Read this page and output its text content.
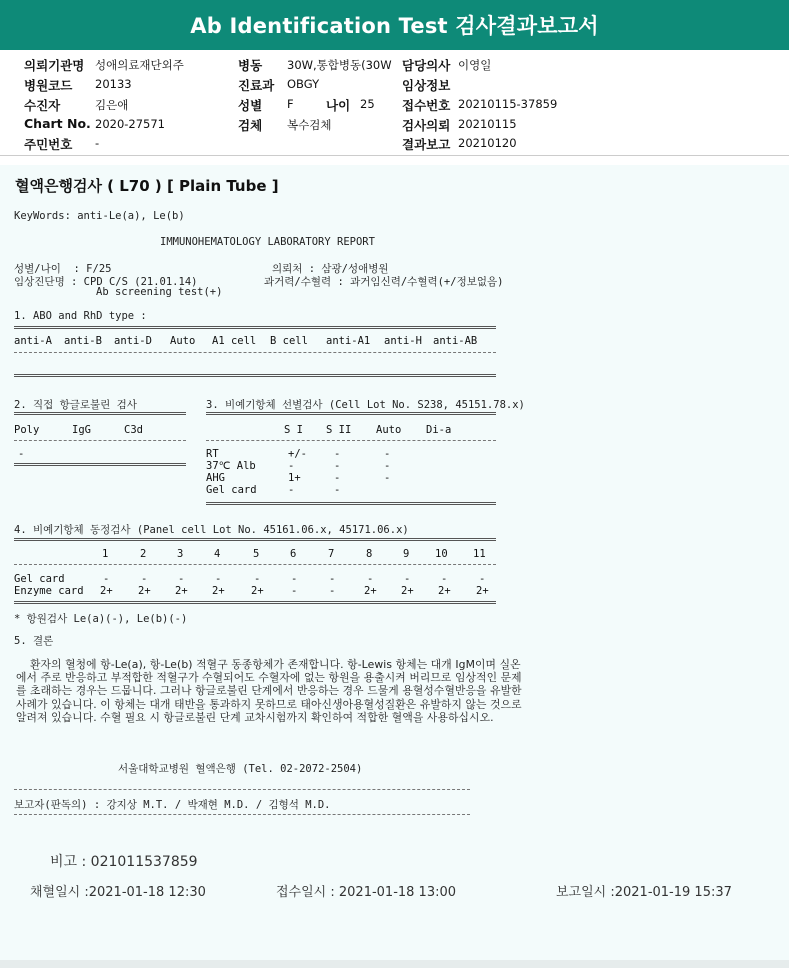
Ab Identification Test 검사결과보고서
의뢰기관명 성애의료재단외주	병동 30W,통합병동(30W 담당의사 이영일
병원코드 20133	진료과 OBGY	임상정보
수진자	김은애	성별 F	나이 25 접수번호 20210115-37859
Chart No. 2020-27571	검체 복수검체	검사의뢰 20210115
주민번호 -	결과보고 20210120
혈액은행검사 ( L70 ) [ Plain Tube ]
KeyWords: anti-Le(a), Le(b)
IMMUNOHEMATOLOGY LABORATORY REPORT
성별/나이  : F/25	의뢰처 : 삼광/성애병원
임상진단명 : CPD C/S (21.01.14)	과거력/수혈력 : 과거임신력/수혈력(+/정보없음)
Ab screening test(+)
1. ABO and RhD type :
anti-A anti-B anti-D Auto A1 cell B cell anti-A1 anti-H anti-AB
2. 직접 항글로불린 검사
Poly	IgG	C3d
-
3. 비예기항체 선별검사 (Cell Lot No. S238, 45151.78.x)
S I S II Auto Di-a
RT	+/-	-	-
37℃ Alb	-	-	-
AHG	1+	-	-
Gel card	-	-
4. 비예기항체 동정검사 (Panel cell Lot No. 45161.06.x, 45171.06.x)
1	2	3	4	5	6	7	8	9 10 11
Gel card	-	-	-	-	-	-	-	-	-	-	-
Enzyme card 2+ 2+ 2+ 2+	2+	-	-	2+ 2+ 2+ 2+
* 항원검사 Le(a)(-), Le(b)(-)
5. 결론
환자의 혈청에 항-Le(a), 항-Le(b) 적혈구 동종항체가 존재합니다. 항-Lewis 항체는 대개 IgM이며 실온에서 주로 반응하고 부적합한 적혈구가 수혈되어도 수혈자에 없는 항원을 용출시켜 버리므로 임상적인 문제를 초래하는 경우는 드뭅니다. 그러나 항글로불린 단계에서 반응하는 경우 드물게 용혈성수혈반응을 유발한 사례가 있습니다. 이 항체는 대개 태반을 통과하지 못하므로 태아신생아용혈성질환은 유발하지 않는 것으로 알려져 있습니다. 수혈 필요 시 항글로불린 단계 교차시험까지 확인하여 적합한 혈액을 사용하십시오.
서울대학교병원 혈액은행 (Tel. 02-2072-2504)
보고자(판독의) : 강지상 M.T. / 박재현 M.D. / 김형석 M.D.
비고 : 021011537859
채혈일시 :2021-01-18 12:30	접수일시 : 2021-01-18 13:00	보고일시 :2021-01-19 15:37
